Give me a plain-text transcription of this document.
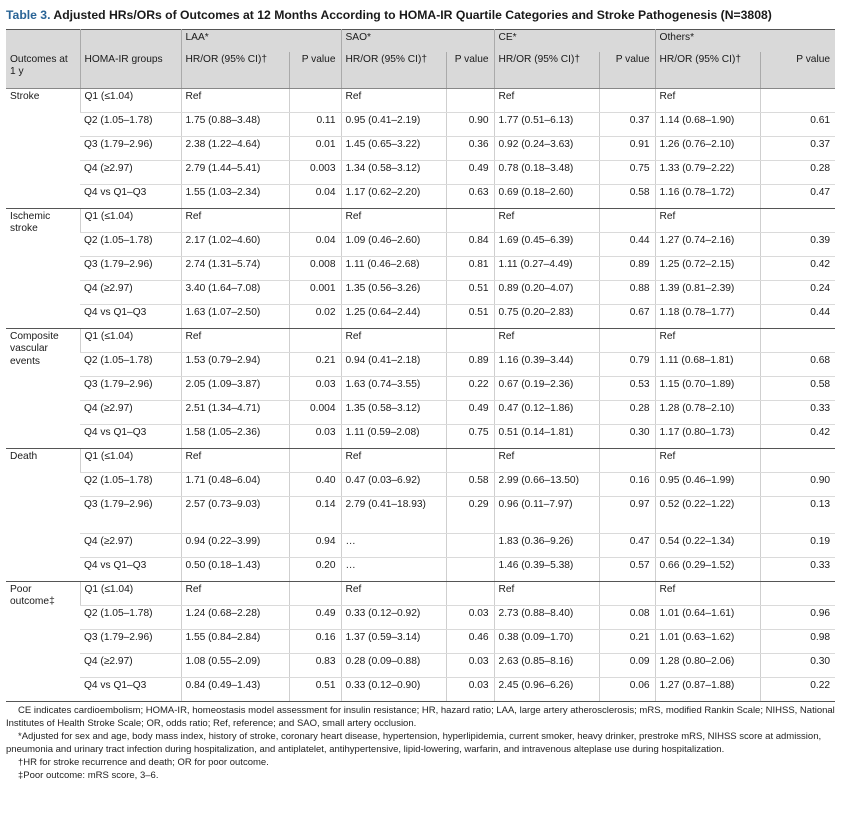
Table 3. Adjusted HRs/ORs of Outcomes at 12 Months According to HOMA-IR Quartile Categories and Stroke Pathogenesis (N=3808)
		LAA*		SAO*		CE*		Others*	
Outcomes at 1 y	HOMA-IR groups	HR/OR (95% CI)†	P value	HR/OR (95% CI)†	P value	HR/OR (95% CI)†	P value	HR/OR (95% CI)†	P value
Stroke	Q1 (≤1.04)	Ref		Ref		Ref		Ref	
	Q2 (1.05–1.78)	1.75 (0.88–3.48)	0.11	0.95 (0.41–2.19)	0.90	1.77 (0.51–6.13)	0.37	1.14 (0.68–1.90)	0.61
	Q3 (1.79–2.96)	2.38 (1.22–4.64)	0.01	1.45 (0.65–3.22)	0.36	0.92 (0.24–3.63)	0.91	1.26 (0.76–2.10)	0.37
	Q4 (≥2.97)	2.79 (1.44–5.41)	0.003	1.34 (0.58–3.12)	0.49	0.78 (0.18–3.48)	0.75	1.33 (0.79–2.22)	0.28
	Q4 vs Q1–Q3	1.55 (1.03–2.34)	0.04	1.17 (0.62–2.20)	0.63	0.69 (0.18–2.60)	0.58	1.16 (0.78–1.72)	0.47
Ischemic stroke	Q1 (≤1.04)	Ref		Ref		Ref		Ref	
	Q2 (1.05–1.78)	2.17 (1.02–4.60)	0.04	1.09 (0.46–2.60)	0.84	1.69 (0.45–6.39)	0.44	1.27 (0.74–2.16)	0.39
	Q3 (1.79–2.96)	2.74 (1.31–5.74)	0.008	1.11 (0.46–2.68)	0.81	1.11 (0.27–4.49)	0.89	1.25 (0.72–2.15)	0.42
	Q4 (≥2.97)	3.40 (1.64–7.08)	0.001	1.35 (0.56–3.26)	0.51	0.89 (0.20–4.07)	0.88	1.39 (0.81–2.39)	0.24
	Q4 vs Q1–Q3	1.63 (1.07–2.50)	0.02	1.25 (0.64–2.44)	0.51	0.75 (0.20–2.83)	0.67	1.18 (0.78–1.77)	0.44
Composite vascular events	Q1 (≤1.04)	Ref		Ref		Ref		Ref	
	Q2 (1.05–1.78)	1.53 (0.79–2.94)	0.21	0.94 (0.41–2.18)	0.89	1.16 (0.39–3.44)	0.79	1.11 (0.68–1.81)	0.68
	Q3 (1.79–2.96)	2.05 (1.09–3.87)	0.03	1.63 (0.74–3.55)	0.22	0.67 (0.19–2.36)	0.53	1.15 (0.70–1.89)	0.58
	Q4 (≥2.97)	2.51 (1.34–4.71)	0.004	1.35 (0.58–3.12)	0.49	0.47 (0.12–1.86)	0.28	1.28 (0.78–2.10)	0.33
	Q4 vs Q1–Q3	1.58 (1.05–2.36)	0.03	1.11 (0.59–2.08)	0.75	0.51 (0.14–1.81)	0.30	1.17 (0.80–1.73)	0.42
Death	Q1 (≤1.04)	Ref		Ref		Ref		Ref	
	Q2 (1.05–1.78)	1.71 (0.48–6.04)	0.40	0.47 (0.03–6.92)	0.58	2.99 (0.66–13.50)	0.16	0.95 (0.46–1.99)	0.90
	Q3 (1.79–2.96)	2.57 (0.73–9.03)	0.14	2.79 (0.41–18.93)	0.29	0.96 (0.11–7.97)	0.97	0.52 (0.22–1.22)	0.13
	Q4 (≥2.97)	0.94 (0.22–3.99)	0.94	…		1.83 (0.36–9.26)	0.47	0.54 (0.22–1.34)	0.19
	Q4 vs Q1–Q3	0.50 (0.18–1.43)	0.20	…		1.46 (0.39–5.38)	0.57	0.66 (0.29–1.52)	0.33
Poor outcome‡	Q1 (≤1.04)	Ref		Ref		Ref		Ref	
	Q2 (1.05–1.78)	1.24 (0.68–2.28)	0.49	0.33 (0.12–0.92)	0.03	2.73 (0.88–8.40)	0.08	1.01 (0.64–1.61)	0.96
	Q3 (1.79–2.96)	1.55 (0.84–2.84)	0.16	1.37 (0.59–3.14)	0.46	0.38 (0.09–1.70)	0.21	1.01 (0.63–1.62)	0.98
	Q4 (≥2.97)	1.08 (0.55–2.09)	0.83	0.28 (0.09–0.88)	0.03	2.63 (0.85–8.16)	0.09	1.28 (0.80–2.06)	0.30
	Q4 vs Q1–Q3	0.84 (0.49–1.43)	0.51	0.33 (0.12–0.90)	0.03	2.45 (0.96–6.26)	0.06	1.27 (0.87–1.88)	0.22

CE indicates cardioembolism; HOMA-IR, homeostasis model assessment for insulin resistance; HR, hazard ratio; LAA, large artery atherosclerosis; mRS, modified Rankin Scale; NIHSS, National Institutes of Health Stroke Scale; OR, odds ratio; Ref, reference; and SAO, small artery occlusion.

*Adjusted for sex and age, body mass index, history of stroke, coronary heart disease, hypertension, hyperlipidemia, current smoker, heavy drinker, prestroke mRS, NIHSS score at admission, pneumonia and urinary tract infection during hospitalization, and antiplatelet, antihypertensive, lipid-lowering, warfarin, and intravenous alteplase use during hospitalization.

†HR for stroke recurrence and death; OR for poor outcome.

‡Poor outcome: mRS score, 3–6.
